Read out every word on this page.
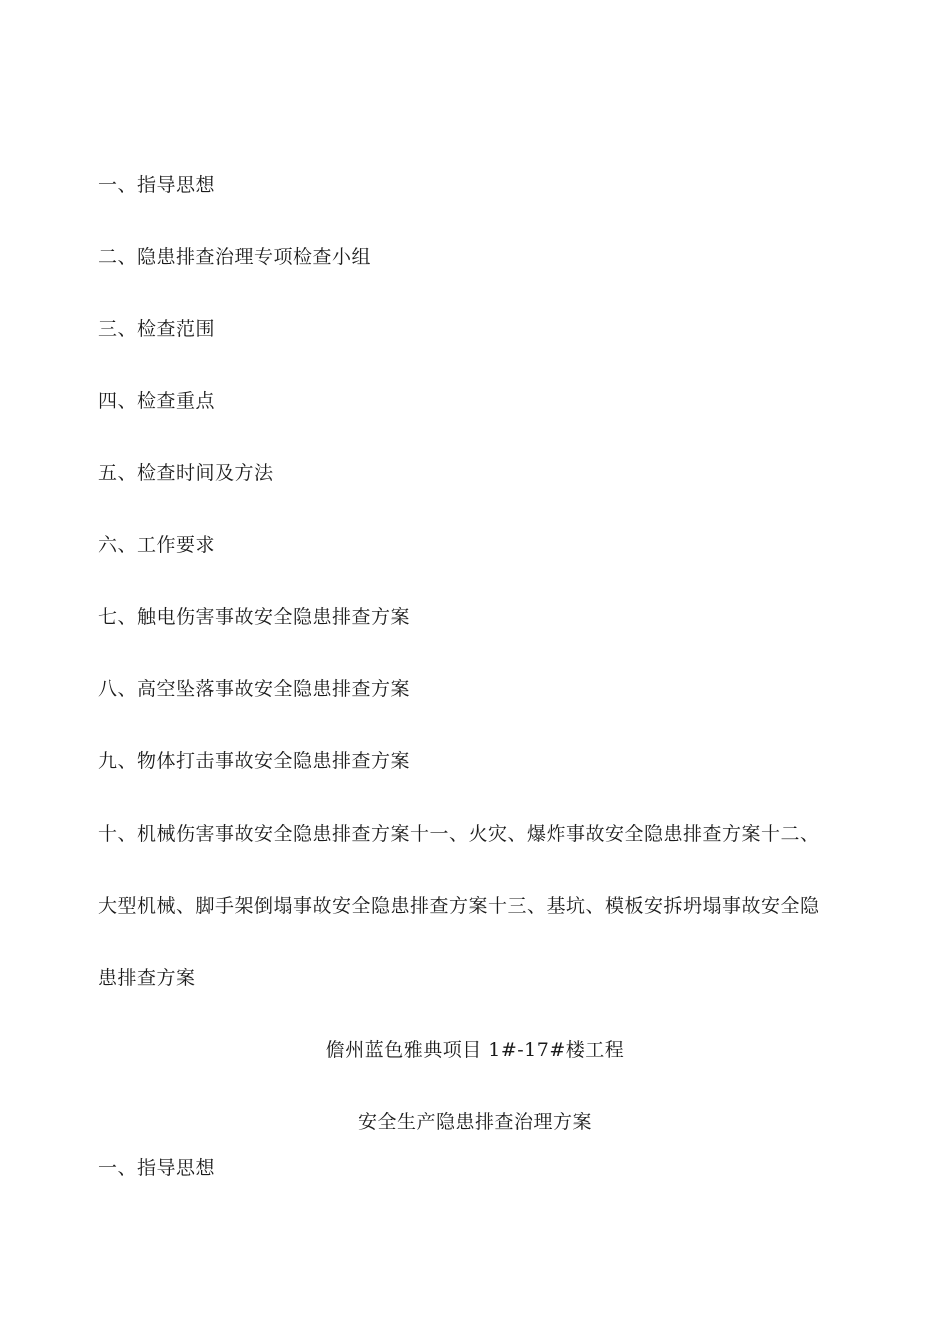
一、指导思想
二、隐患排查治理专项检查小组
三、检查范围
四、检查重点
五、检查时间及方法
六、工作要求
七、触电伤害事故安全隐患排查方案
八、高空坠落事故安全隐患排查方案
九、物体打击事故安全隐患排查方案
十、机械伤害事故安全隐患排查方案十一、火灾、爆炸事故安全隐患排查方案十二、
大型机械、脚手架倒塌事故安全隐患排查方案十三、基坑、模板安拆坍塌事故安全隐
患排查方案
儋州蓝色雅典项目 1#-17#楼工程
安全生产隐患排查治理方案
一、指导思想
